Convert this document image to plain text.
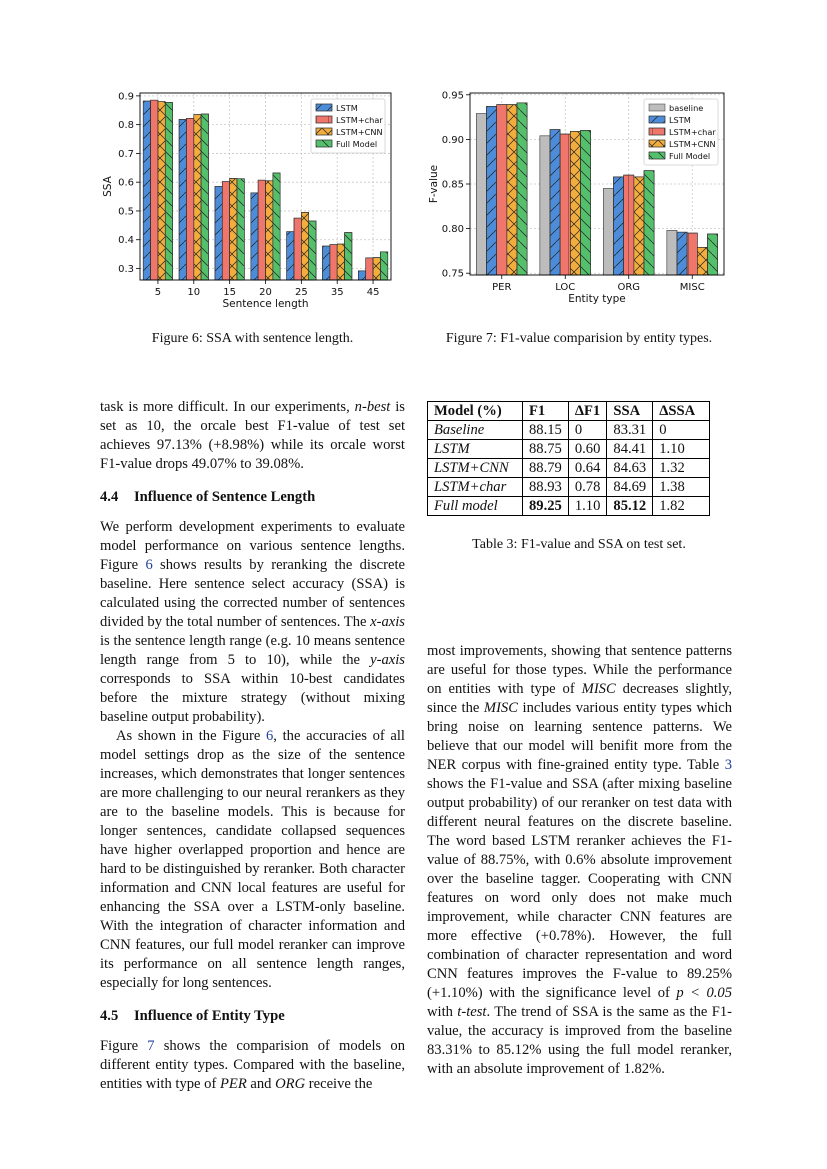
0.3
0.4
0.5
0.6
0.7
0.8
0.9
5	10 15 20 25 35 45
Sentence length
SSA
LSTM
LSTM+char
LSTM+CNN
Full Model
Figure 6: SSA with sentence length.
0.75
0.80
0.85
0.90
0.95
PER	LOC	ORG	MISC
Entity type
F-value
baseline
LSTM
LSTM+char
LSTM+CNN
Full Model
Figure 7: F1-value comparision by entity types.

task is more difficult. In our experiments, n-best is set as 10, the orcale best F1-value of test set achieves 97.13% (+8.98%) while its orcale worst F1-value drops 49.07% to 39.08%.

4.4 Influence of Sentence Length

We perform development experiments to evaluate model performance on various sentence lengths. Figure 6 shows results by reranking the discrete baseline. Here sentence select accuracy (SSA) is calculated using the corrected number of sentences divided by the total number of sentences. The x-axis is the sentence length range (e.g. 10 means sentence length range from 5 to 10), while the y-axis corresponds to SSA within 10-best candidates before the mixture strategy (without mixing baseline output probability).

As shown in the Figure 6, the accuracies of all model settings drop as the size of the sentence increases, which demonstrates that longer sentences are more challenging to our neural rerankers as they are to the baseline models. This is because for longer sentences, candidate collapsed sequences have higher overlapped proportion and hence are hard to be distinguished by reranker. Both character information and CNN local features are useful for enhancing the SSA over a LSTM-only baseline. With the integration of character information and CNN features, our full model reranker can improve its performance on all sentence length ranges, especially for long sentences.

4.5 Influence of Entity Type

Figure 7 shows the comparision of models on different entity types. Compared with the baseline, entities with type of PER and ORG receive the

Model (%)	F1	ΔF1	SSA	ΔSSA
Baseline	88.15	0	83.31	0
LSTM	88.75	0.60	84.41	1.10
LSTM+CNN	88.79	0.64	84.63	1.32
LSTM+char	88.93	0.78	84.69	1.38
Full model	89.25	1.10	85.12	1.82
Table 3: F1-value and SSA on test set.

most improvements, showing that sentence patterns are useful for those types. While the performance on entities with type of MISC decreases slightly, since the MISC includes various entity types which bring noise on learning sentence patterns. We believe that our model will benifit more from the NER corpus with fine-grained entity type. Table 3 shows the F1-value and SSA (after mixing baseline output probability) of our reranker on test data with different neural features on the discrete baseline. The word based LSTM reranker achieves the F1-value of 88.75%, with 0.6% absolute improvement over the baseline tagger. Cooperating with CNN features on word only does not make much improvement, while character CNN features are more effective (+0.78%). However, the full combination of character representation and word CNN features improves the F-value to 89.25% (+1.10%) with the significance level of p < 0.05 with t-test. The trend of SSA is the same as the F1-value, the accuracy is improved from the baseline 83.31% to 85.12% using the full model reranker, with an absolute improvement of 1.82%.
